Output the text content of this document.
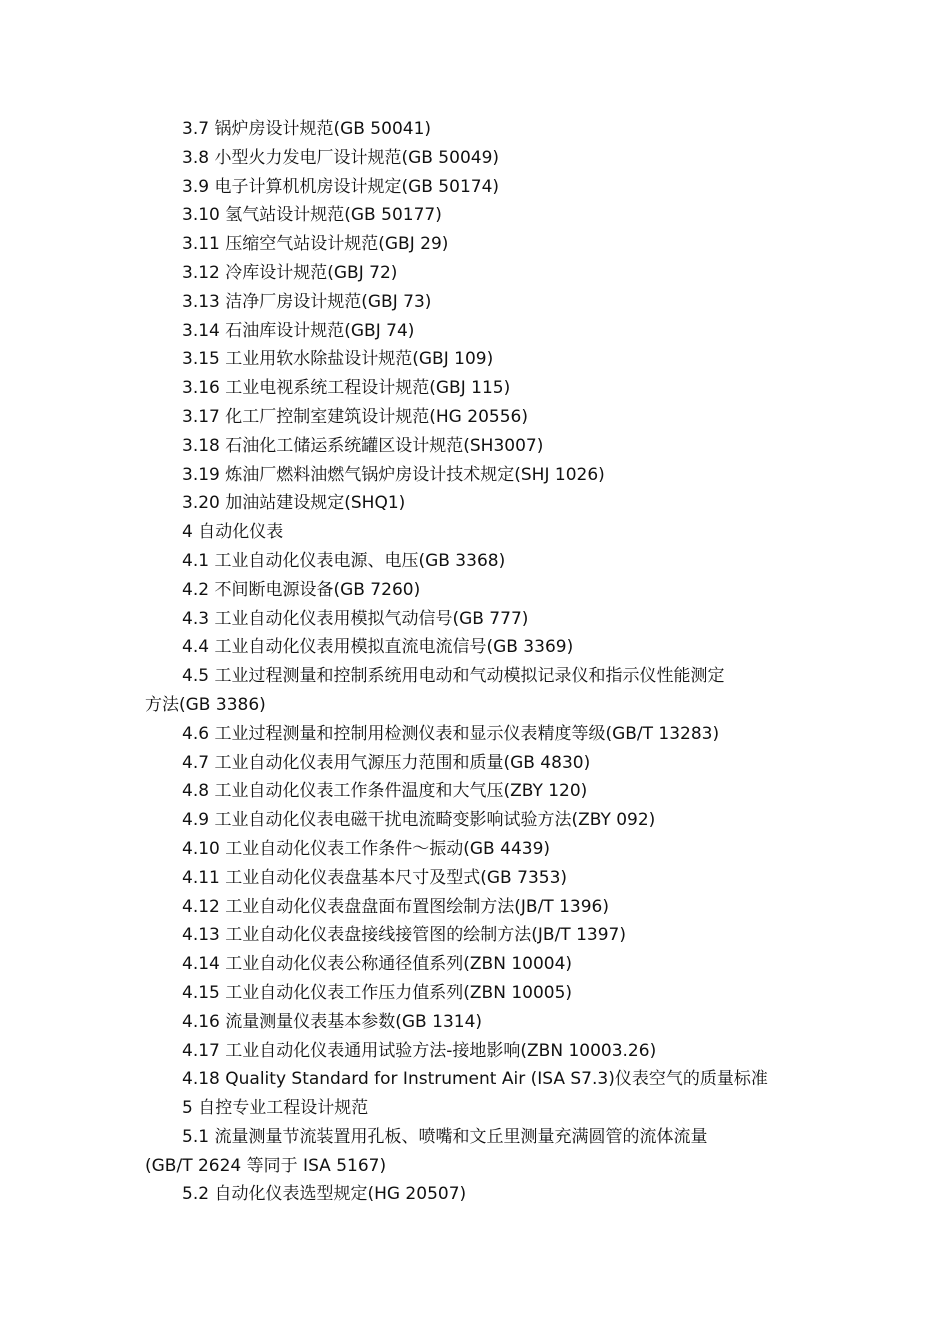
3.7 锅炉房设计规范(GB 50041)
3.8 小型火力发电厂设计规范(GB 50049)
3.9 电子计算机机房设计规定(GB 50174)
3.10 氢气站设计规范(GB 50177)
3.11 压缩空气站设计规范(GBJ 29)
3.12 冷库设计规范(GBJ 72)
3.13 洁净厂房设计规范(GBJ 73)
3.14 石油库设计规范(GBJ 74)
3.15 工业用软水除盐设计规范(GBJ 109)
3.16 工业电视系统工程设计规范(GBJ 115)
3.17 化工厂控制室建筑设计规范(HG 20556)
3.18 石油化工储运系统罐区设计规范(SH3007)
3.19 炼油厂燃料油燃气锅炉房设计技术规定(SHJ 1026)
3.20 加油站建设规定(SHQ1)
4 自动化仪表
4.1 工业自动化仪表电源、电压(GB 3368)
4.2 不间断电源设备(GB 7260)
4.3 工业自动化仪表用模拟气动信号(GB 777)
4.4 工业自动化仪表用模拟直流电流信号(GB 3369)
4.5 工业过程测量和控制系统用电动和气动模拟记录仪和指示仪性能测定
方法(GB 3386)
4.6 工业过程测量和控制用检测仪表和显示仪表精度等级(GB/T 13283)
4.7 工业自动化仪表用气源压力范围和质量(GB 4830)
4.8 工业自动化仪表工作条件温度和大气压(ZBY 120)
4.9 工业自动化仪表电磁干扰电流畸变影响试验方法(ZBY 092)
4.10 工业自动化仪表工作条件～振动(GB 4439)
4.11 工业自动化仪表盘基本尺寸及型式(GB 7353)
4.12 工业自动化仪表盘盘面布置图绘制方法(JB/T 1396)
4.13 工业自动化仪表盘接线接管图的绘制方法(JB/T 1397)
4.14 工业自动化仪表公称通径值系列(ZBN 10004)
4.15 工业自动化仪表工作压力值系列(ZBN 10005)
4.16 流量测量仪表基本参数(GB 1314)
4.17 工业自动化仪表通用试验方法-接地影响(ZBN 10003.26)
4.18 Quality Standard for Instrument Air (ISA S7.3)仪表空气的质量标准
5 自控专业工程设计规范
5.1 流量测量节流装置用孔板、喷嘴和文丘里测量充满圆管的流体流量
(GB/T 2624 等同于 ISA 5167)
5.2 自动化仪表选型规定(HG 20507)
